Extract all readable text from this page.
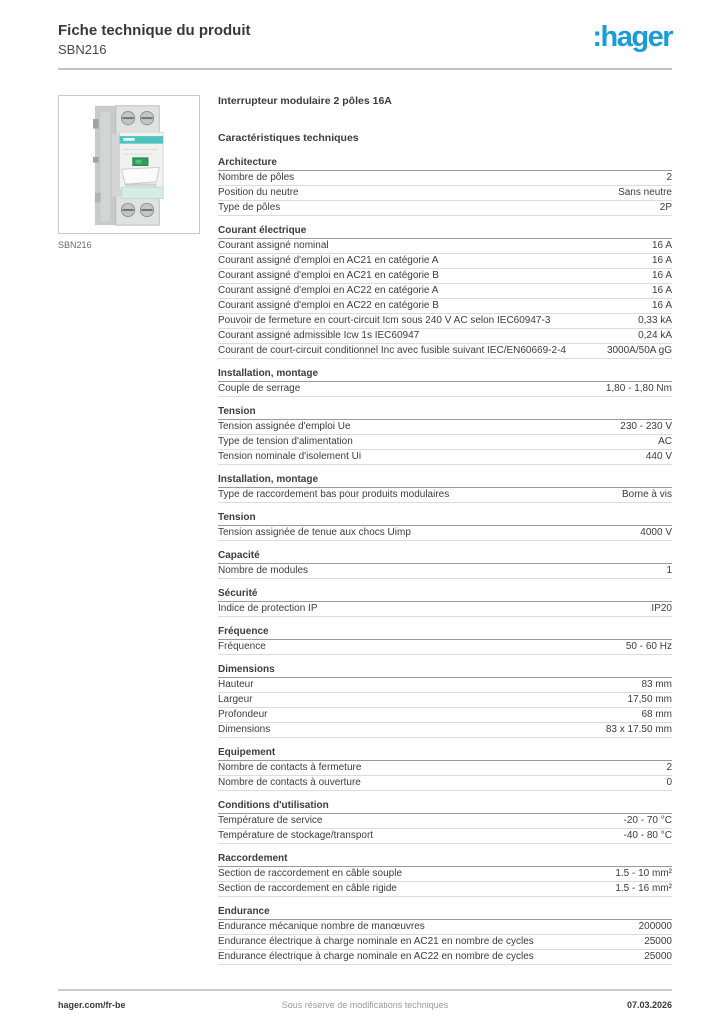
Fiche technique du produit
SBN216	:hager
SBN216
Interrupteur modulaire 2 pôles 16A
Caractéristiques techniques
Architecture
Nombre de pôles	2
Position du neutre	Sans neutre
Type de pôles	2P
Courant électrique
Courant assigné nominal	16 A
Courant assigné d'emploi en AC21 en catégorie A	16 A
Courant assigné d'emploi en AC21 en catégorie B	16 A
Courant assigné d'emploi en AC22 en catégorie A	16 A
Courant assigné d'emploi en AC22 en catégorie B	16 A
Pouvoir de fermeture en court-circuit Icm sous 240 V AC selon IEC60947-3	0,33 kA
Courant assigné admissible Icw 1s IEC60947	0,24 kA
Courant de court-circuit conditionnel Inc avec fusible suivant IEC/EN60669-2-4	3000A/50A gG
Installation, montage
Couple de serrage	1,80 - 1,80 Nm
Tension
Tension assignée d'emploi Ue	230 - 230 V
Type de tension d'alimentation	AC
Tension nominale d'isolement Ui	440 V
Installation, montage
Type de raccordement bas pour produits modulaires	Borne à vis
Tension
Tension assignée de tenue aux chocs Uimp	4000 V
Capacité
Nombre de modules	1
Sécurité
Indice de protection IP	IP20
Fréquence
Fréquence	50 - 60 Hz
Dimensions
Hauteur	83 mm
Largeur	17,50 mm
Profondeur	68 mm
Dimensions	83 x 17.50 mm
Equipement
Nombre de contacts à fermeture	2
Nombre de contacts à ouverture	0
Conditions d'utilisation
Température de service	-20 - 70 °C
Température de stockage/transport	-40 - 80 °C
Raccordement
Section de raccordement en câble souple	1.5 - 10 mm²
Section de raccordement en câble rigide	1.5 - 16 mm²
Endurance
Endurance mécanique nombre de manœuvres	200000
Endurance électrique à charge nominale en AC21 en nombre de cycles	25000
Endurance électrique à charge nominale en AC22 en nombre de cycles	25000
hager.com/fr-be	Sous réserve de modifications techniques	07.03.2026
